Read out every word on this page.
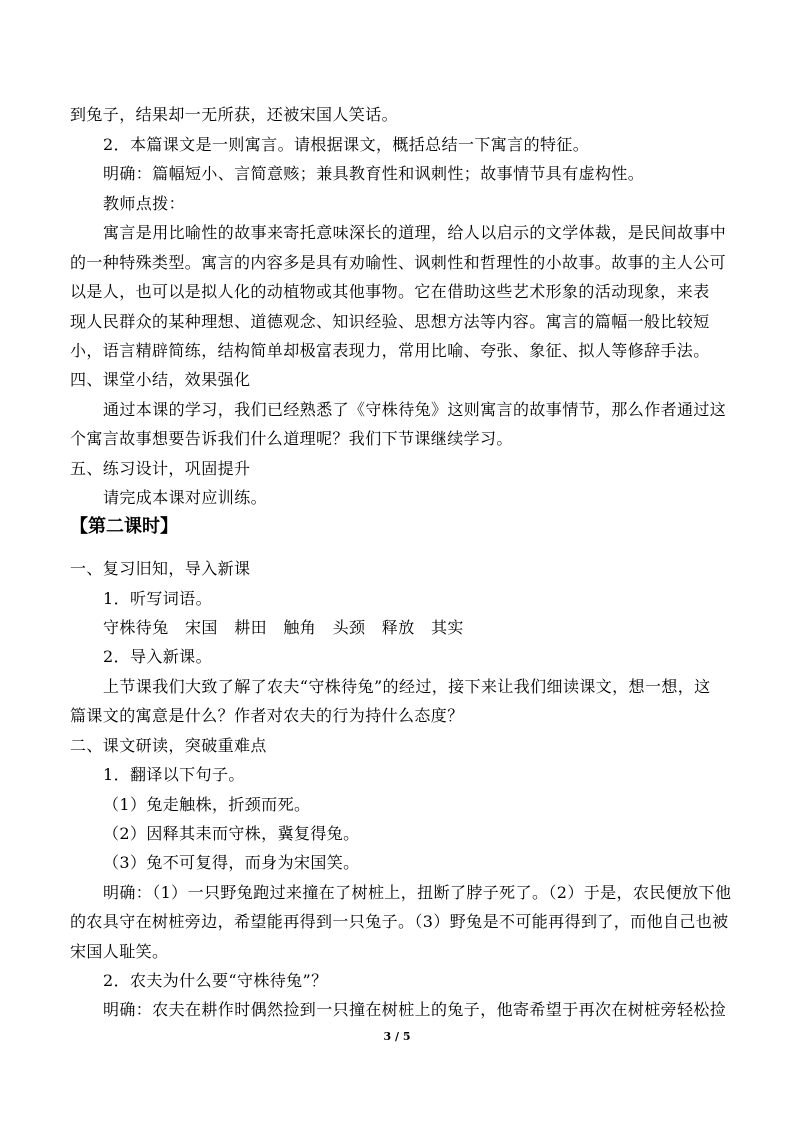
到兔子，结果却一无所获，还被宋国人笑话。
2．本篇课文是一则寓言。请根据课文，概括总结一下寓言的特征。
明确：篇幅短小、言简意赅；兼具教育性和讽刺性；故事情节具有虚构性。
教师点拨：
寓言是用比喻性的故事来寄托意味深长的道理，给人以启示的文学体裁，是民间故事中
的一种特殊类型。寓言的内容多是具有劝喻性、讽刺性和哲理性的小故事。故事的主人公可
以是人，也可以是拟人化的动植物或其他事物。它在借助这些艺术形象的活动现象，来表
现人民群众的某种理想、道德观念、知识经验、思想方法等内容。寓言的篇幅一般比较短
小，语言精辟简练，结构简单却极富表现力，常用比喻、夸张、象征、拟人等修辞手法。
四、课堂小结，效果强化
通过本课的学习，我们已经熟悉了《守株待兔》这则寓言的故事情节，那么作者通过这
个寓言故事想要告诉我们什么道理呢？我们下节课继续学习。
五、练习设计，巩固提升
请完成本课对应训练。
【第二课时】
一、复习旧知，导入新课
1．听写词语。
守株待兔　宋国　耕田　触角　头颈　释放　其实
2．导入新课。
上节课我们大致了解了农夫“守株待兔”的经过，接下来让我们细读课文，想一想，这
篇课文的寓意是什么？作者对农夫的行为持什么态度？
二、课文研读，突破重难点
1．翻译以下句子。
（1）兔走触株，折颈而死。
（2）因释其耒而守株，冀复得兔。
（3）兔不可复得，而身为宋国笑。
明确：（1）一只野兔跑过来撞在了树桩上，扭断了脖子死了。（2）于是，农民便放下他
的农具守在树桩旁边，希望能再得到一只兔子。（3）野兔是不可能再得到了，而他自己也被
宋国人耻笑。
2．农夫为什么要“守株待兔”？
明确：农夫在耕作时偶然捡到一只撞在树桩上的兔子，他寄希望于再次在树桩旁轻松捡
3 / 5
